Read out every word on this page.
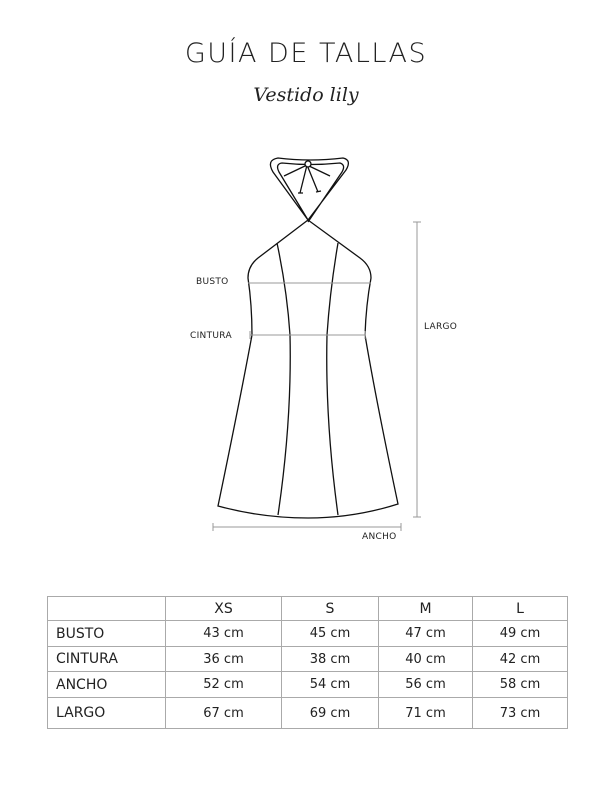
GUÍA DE TALLAS
Vestido lily
BUSTO
CINTURA
LARGO
ANCHO
	XS	S	M	L
BUSTO	43 cm	45 cm	47 cm	49 cm
CINTURA	36 cm	38 cm	40 cm	42 cm
ANCHO	52 cm	54 cm	56 cm	58 cm
LARGO	67 cm	69 cm	71 cm	73 cm
